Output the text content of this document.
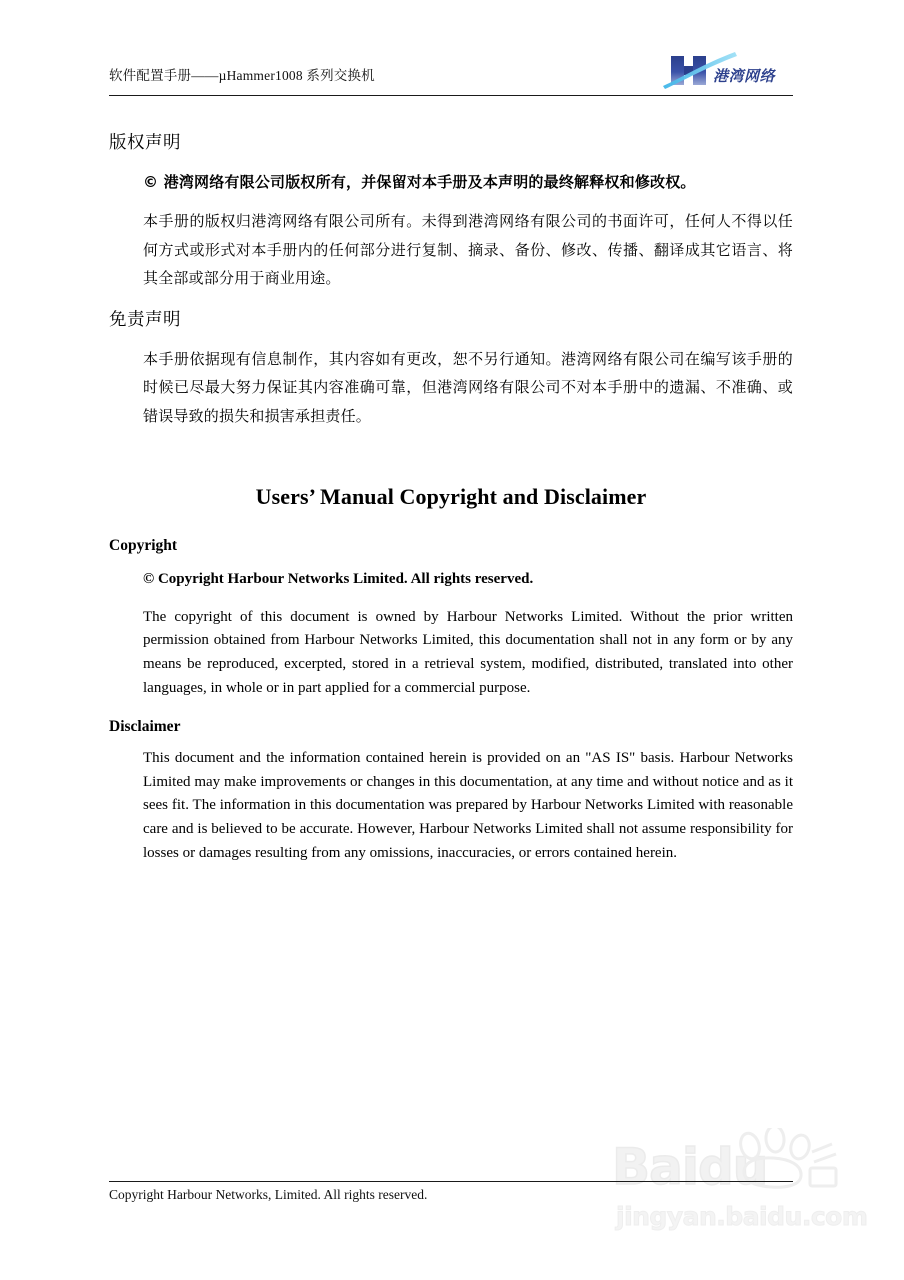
软件配置手册——µHammer1008 系列交换机	港湾网络
版权声明

© 港湾网络有限公司版权所有，并保留对本手册及本声明的最终解释权和修改权。

本手册的版权归港湾网络有限公司所有。未得到港湾网络有限公司的书面许可，任何人不得以任何方式或形式对本手册内的任何部分进行复制、摘录、备份、修改、传播、翻译成其它语言、将其全部或部分用于商业用途。

免责声明

本手册依据现有信息制作，其内容如有更改，恕不另行通知。港湾网络有限公司在编写该手册的时候已尽最大努力保证其内容准确可靠，但港湾网络有限公司不对本手册中的遗漏、不准确、或错误导致的损失和损害承担责任。

Users’ Manual Copyright and Disclaimer
Copyright

© Copyright Harbour Networks Limited. All rights reserved.

The copyright of this document is owned by Harbour Networks Limited. Without the prior written permission obtained from Harbour Networks Limited, this documentation shall not in any form or by any means be reproduced, excerpted, stored in a retrieval system, modified, distributed, translated into other languages, in whole or in part applied for a commercial purpose.

Disclaimer

This document and the information contained herein is provided on an "AS IS" basis. Harbour Networks Limited may make improvements or changes in this documentation, at any time and without notice and as it sees fit. The information in this documentation was prepared by Harbour Networks Limited with reasonable care and is believed to be accurate. However, Harbour Networks Limited shall not assume responsibility for losses or damages resulting from any omissions, inaccuracies, or errors contained herein.

Baidu
jingyan.baidu.com
Copyright Harbour Networks, Limited. All rights reserved.
